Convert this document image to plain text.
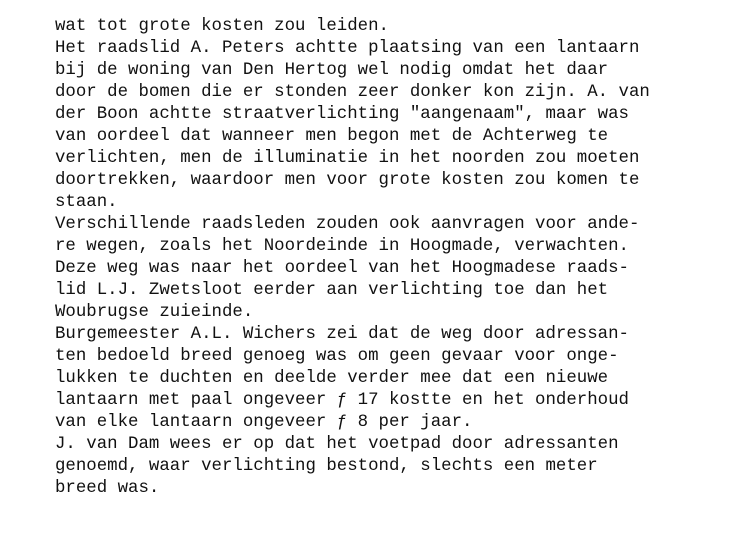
wat tot grote kosten zou leiden.
Het raadslid A. Peters achtte plaatsing van een lantaarn
bij de woning van Den Hertog wel nodig omdat het daar
door de bomen die er stonden zeer donker kon zijn. A. van
der Boon achtte straatverlichting "aangenaam", maar was
van oordeel dat wanneer men begon met de Achterweg te
verlichten, men de illuminatie in het noorden zou moeten
doortrekken, waardoor men voor grote kosten zou komen te
staan.
Verschillende raadsleden zouden ook aanvragen voor ande-
re wegen, zoals het Noordeinde in Hoogmade, verwachten.
Deze weg was naar het oordeel van het Hoogmadese raads-
lid L.J. Zwetsloot eerder aan verlichting toe dan het
Woubrugse zuieinde.
Burgemeester A.L. Wichers zei dat de weg door adressan-
ten bedoeld breed genoeg was om geen gevaar voor onge-
lukken te duchten en deelde verder mee dat een nieuwe
lantaarn met paal ongeveer ƒ 17 kostte en het onderhoud
van elke lantaarn ongeveer ƒ 8 per jaar.
J. van Dam wees er op dat het voetpad door adressanten
genoemd, waar verlichting bestond, slechts een meter
breed was.
